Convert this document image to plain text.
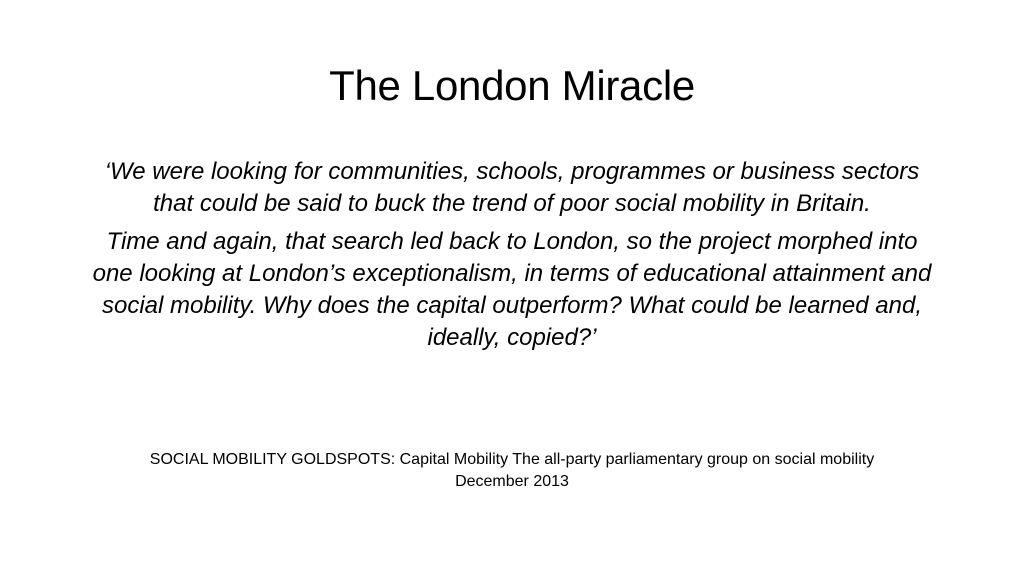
The London Miracle

‘We were looking for communities, schools, programmes or business sectors that could be said to buck the trend of poor social mobility in Britain.

Time and again, that search led back to London, so the project morphed into one looking at London’s exceptionalism, in terms of educational attainment and social mobility. Why does the capital outperform? What could be learned and, ideally, copied?’

SOCIAL MOBILITY GOLDSPOTS: Capital Mobility The all-party parliamentary group on social mobility
December 2013
